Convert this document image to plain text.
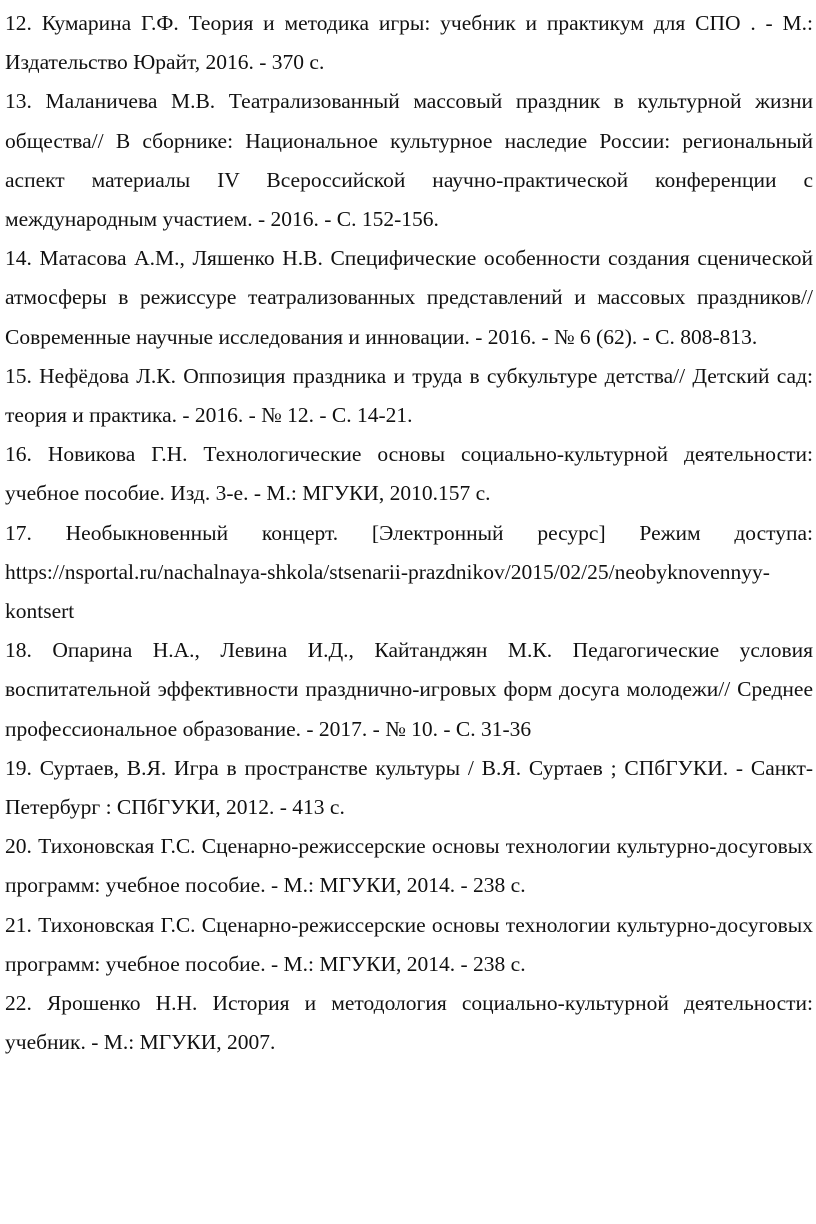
12. Кумарина Г.Ф. Теория и методика игры: учебник и практикум для СПО . - М.: Издательство Юрайт, 2016. - 370 с.

13. Маланичева М.В. Театрализованный массовый праздник в культурной жизни общества// В сборнике: Национальное культурное наследие России: региональный аспект материалы IV Всероссийской научно-практической конференции с международным участием. - 2016. - С. 152-156.

14. Матасова А.М., Ляшенко Н.В. Специфические особенности создания сценической атмосферы в режиссуре театрализованных представлений и массовых праздников// Современные научные исследования и инновации. - 2016. - № 6 (62). - С. 808-813.

15. Нефёдова Л.К. Оппозиция праздника и труда в субкультуре детства// Детский сад: теория и практика. - 2016. - № 12. - С. 14-21.

16. Новикова Г.Н. Технологические основы социально-культурной деятельности: учебное пособие. Изд. 3-е. - М.: МГУКИ, 2010.157 с.

17. Необыкновенный концерт. [Электронный ресурс] Режим доступа: https://nsportal.ru/nachalnaya-shkola/stsenarii-prazdnikov/2015/02/25/neobyknovennyy-kontsert

18. Опарина Н.А., Левина И.Д., Кайтанджян М.К. Педагогические условия воспитательной эффективности празднично-игровых форм досуга молодежи// Среднее профессиональное образование. - 2017. - № 10. - С. 31-36

19. Суртаев, В.Я. Игра в пространстве культуры / В.Я. Суртаев ; СПбГУКИ. - Санкт-Петербург : СПбГУКИ, 2012. - 413 с.

20. Тихоновская Г.С. Сценарно-режиссерские основы технологии культурно-досуговых программ: учебное пособие. - М.: МГУКИ, 2014. - 238 с.

21. Тихоновская Г.С. Сценарно-режиссерские основы технологии культурно-досуговых программ: учебное пособие. - М.: МГУКИ, 2014. - 238 с.

22. Ярошенко Н.Н. История и методология социально-культурной деятельности: учебник. - М.: МГУКИ, 2007.
